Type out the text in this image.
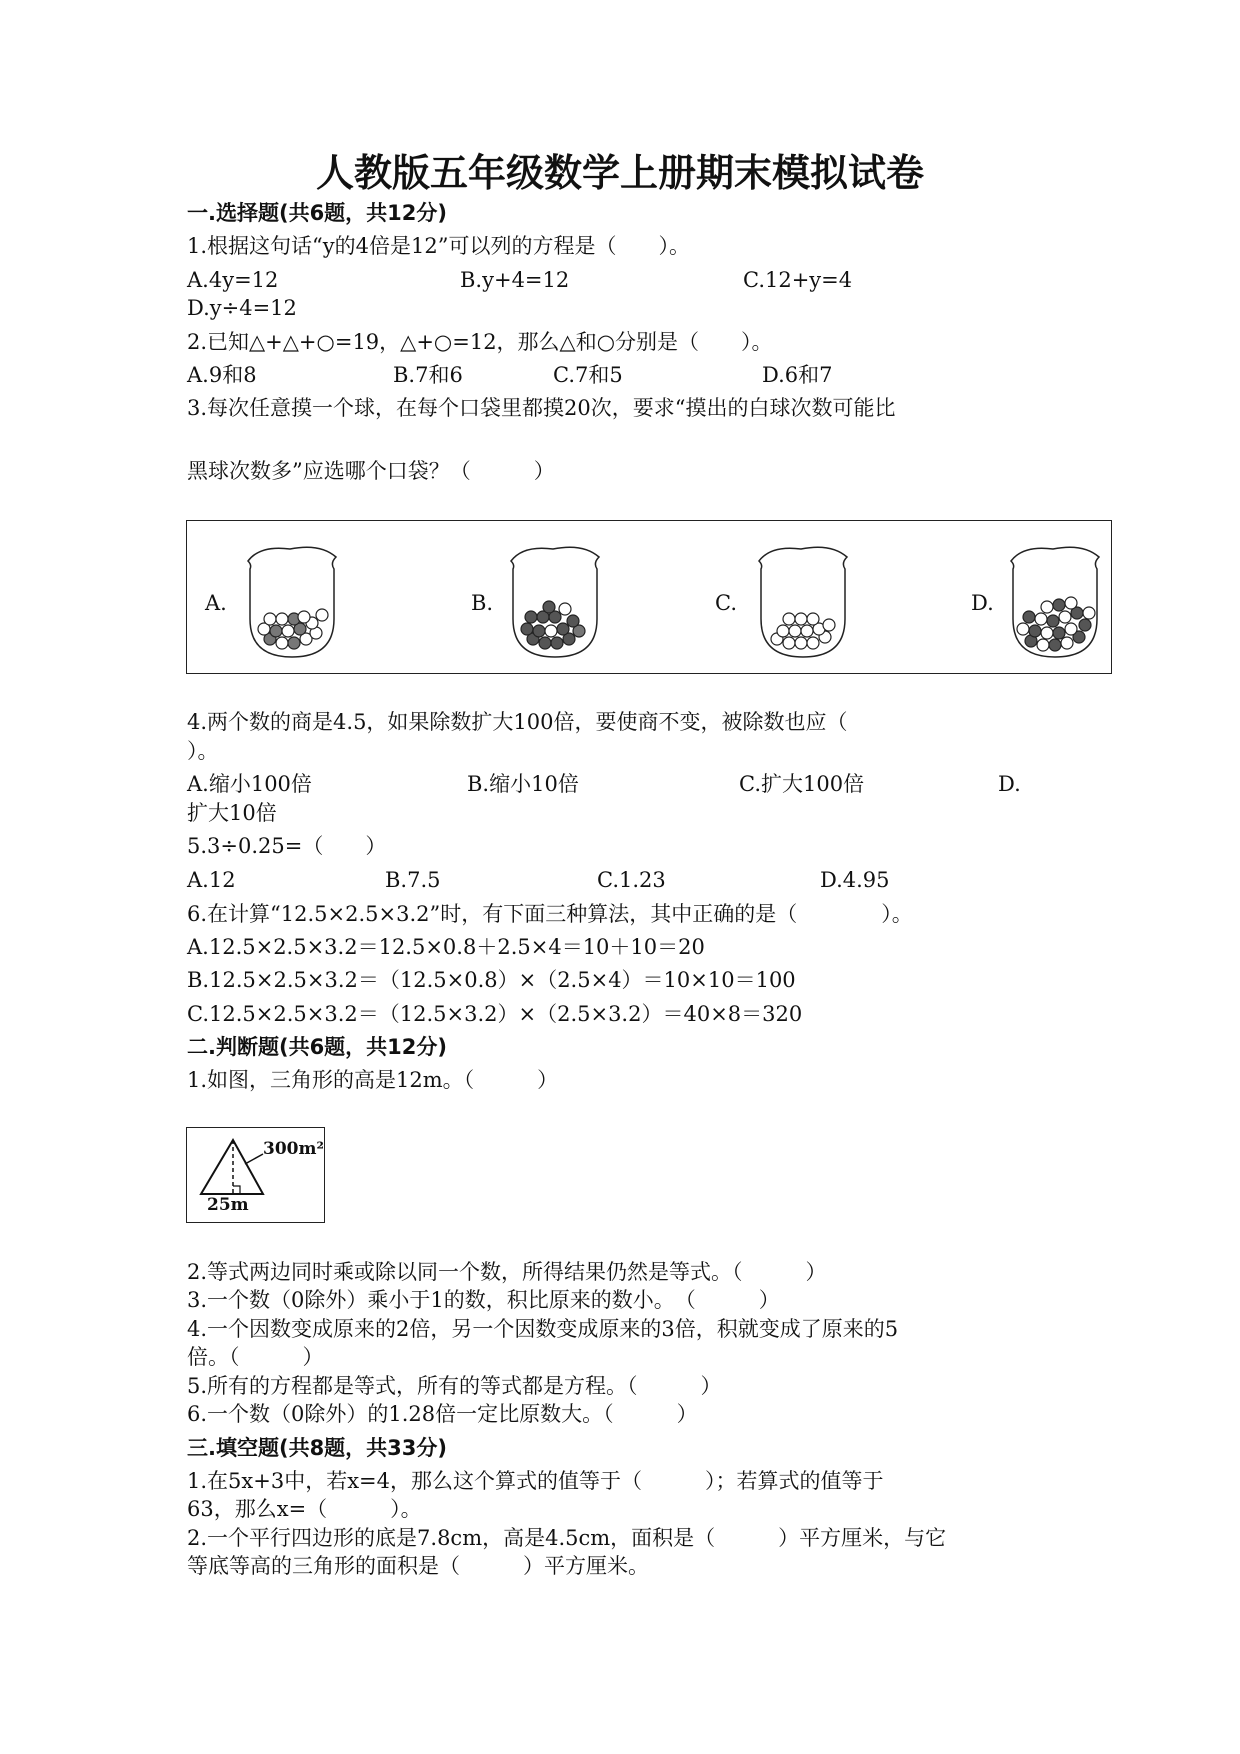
人教版五年级数学上册期末模拟试卷
一.选择题(共6题，共12分)
1.根据这句话“y的4倍是12”可以列的方程是（　　）。
A.4y=12	B.y+4=12	C.12+y=4
D.y÷4=12
2.已知△+△+○=19，△+○=12，那么△和○分别是（　　）。
A.9和8	B.7和6	C.7和5	D.6和7
3.每次任意摸一个球，在每个口袋里都摸20次，要求“摸出的白球次数可能比
黑球次数多”应选哪个口袋？（　　　）
A.	B.	C.	D.
4.两个数的商是4.5，如果除数扩大100倍，要使商不变，被除数也应（
）。
A.缩小100倍	B.缩小10倍	C.扩大100倍	D.
扩大10倍
5.3÷0.25=（　　）
A.12	B.7.5	C.1.23	D.4.95
6.在计算“12.5×2.5×3.2”时，有下面三种算法，其中正确的是（　　　　）。
A.12.5×2.5×3.2＝12.5×0.8＋2.5×4＝10＋10＝20
B.12.5×2.5×3.2＝（12.5×0.8）×（2.5×4）＝10×10＝100
C.12.5×2.5×3.2＝（12.5×3.2）×（2.5×3.2）＝40×8＝320
二.判断题(共6题，共12分)
1.如图，三角形的高是12m。（　　　）
300m²
25m
2.等式两边同时乘或除以同一个数，所得结果仍然是等式。（　　　）
3.一个数（0除外）乘小于1的数，积比原来的数小。　（　　　）
4.一个因数变成原来的2倍，另一个因数变成原来的3倍，积就变成了原来的5
倍。（　　　）
5.所有的方程都是等式，所有的等式都是方程。（　　　）
6.一个数（0除外）的1.28倍一定比原数大。（　　　）
三.填空题(共8题，共33分)
1.在5x+3中，若x=4，那么这个算式的值等于（　　　）；若算式的值等于
63，那么x=（　　　）。
2.一个平行四边形的底是7.8cm，高是4.5cm，面积是（　　　）平方厘米，与它
等底等高的三角形的面积是（　　　）平方厘米。
